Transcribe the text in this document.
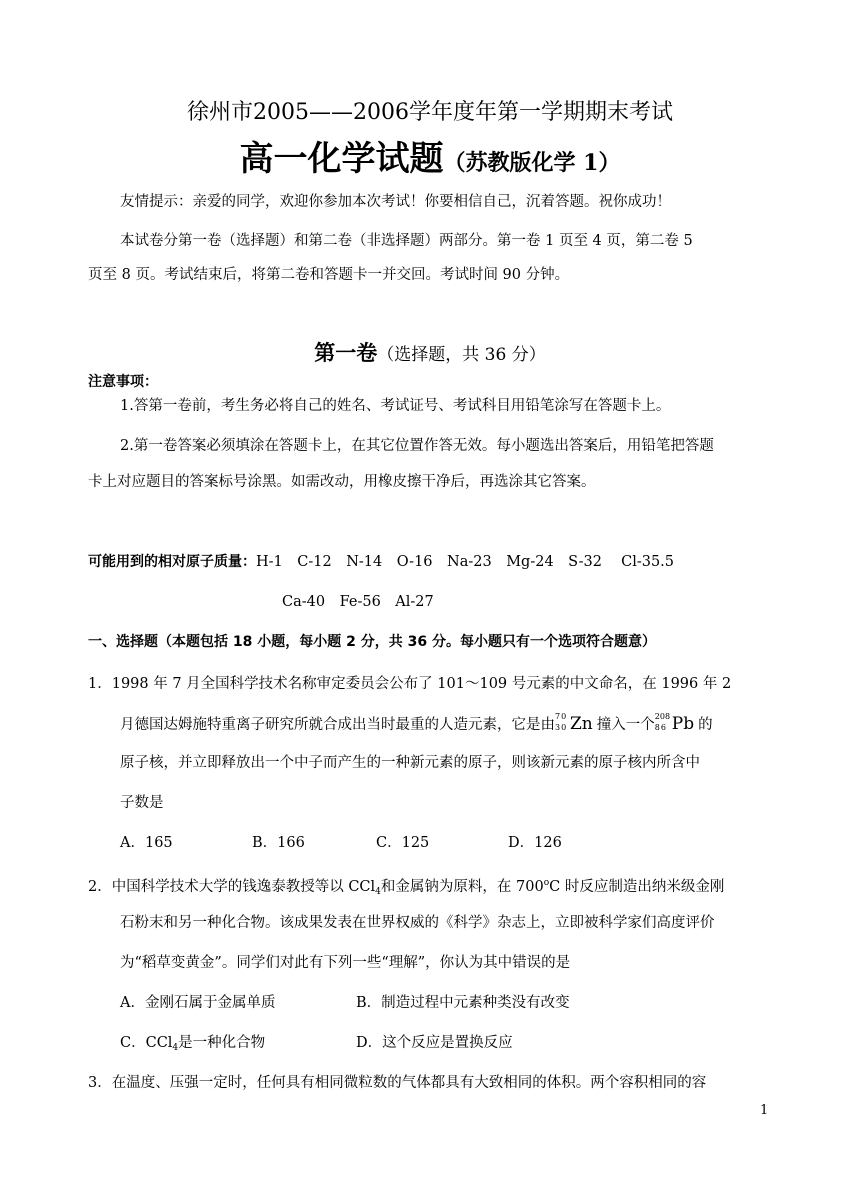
徐州市2005——2006学年度年第一学期期末考试
高一化学试题（苏教版化学 1）
友情提示：亲爱的同学，欢迎你参加本次考试！你要相信自己，沉着答题。祝你成功！
本试卷分第一卷（选择题）和第二卷（非选择题）两部分。第一卷 1 页至 4 页，第二卷 5
页至 8 页。考试结束后，将第二卷和答题卡一并交回。考试时间 90 分钟。
第一卷（选择题，共 36 分）
注意事项：
1.答第一卷前，考生务必将自己的姓名、考试证号、考试科目用铅笔涂写在答题卡上。
2.第一卷答案必须填涂在答题卡上，在其它位置作答无效。每小题选出答案后，用铅笔把答题
卡上对应题目的答案标号涂黑。如需改动，用橡皮擦干净后，再选涂其它答案。
可能用到的相对原子质量：H-1　C-12　N-14　O-16　Na-23　Mg-24　S-32　 Cl-35.5
Ca-40　Fe-56　Al-27
一、选择题（本题包括 18 小题，每小题 2 分，共 36 分。每小题只有一个选项符合题意）
1．1998 年 7 月全国科学技术名称审定委员会公布了 101～109 号元素的中文命名，在 1996 年 2
月德国达姆施特重离子研究所就合成出当时最重的人造元素，它是由
70
30 Zn 撞入一个
208
86 Pb 的
原子核，并立即释放出一个中子而产生的一种新元素的原子，则该新元素的原子核内所含中
子数是
A．165	B．166	C．125	D．126
2．中国科学技术大学的钱逸泰教授等以 CCl$_4$和金属钠为原料，在 700$^o$C 时反应制造出纳米级金刚
石粉末和另一种化合物。该成果发表在世界权威的《科学》杂志上，立即被科学家们高度评价
为“稻草变黄金”。同学们对此有下列一些“理解”，你认为其中错误的是
A．金刚石属于金属单质	B．制造过程中元素种类没有改变
C．CCl$_4$是一种化合物	D．这个反应是置换反应
3．在温度、压强一定时，任何具有相同微粒数的气体都具有大致相同的体积。两个容积相同的容
1
